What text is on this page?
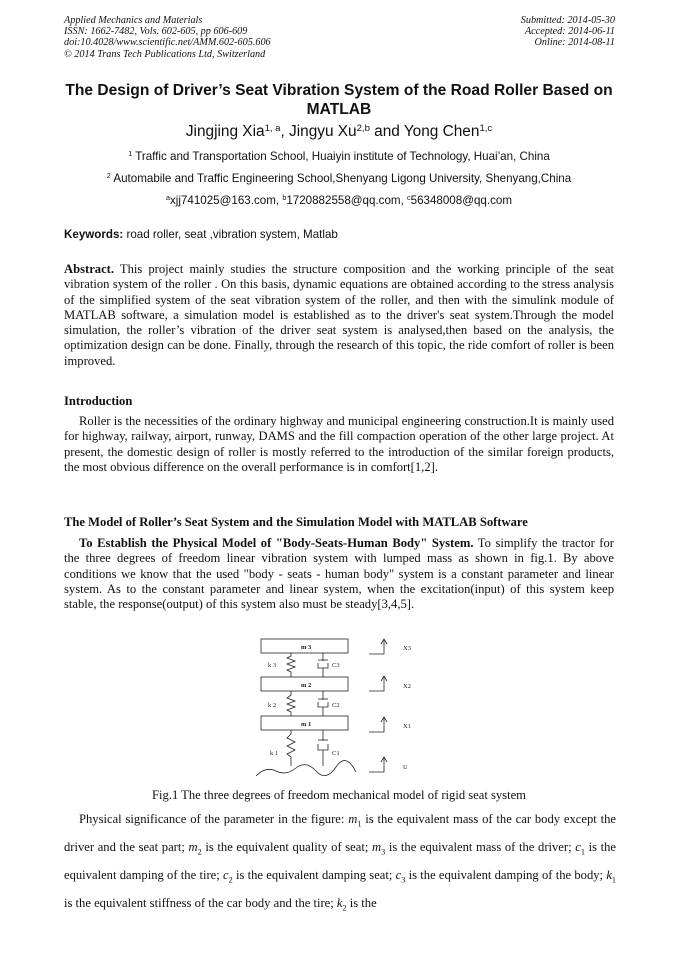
Applied Mechanics and Materials
ISSN: 1662-7482, Vols. 602-605, pp 606-609
doi:10.4028/www.scientific.net/AMM.602-605.606
© 2014 Trans Tech Publications Ltd, Switzerland
Submitted: 2014-05-30
Accepted: 2014-06-11
Online: 2014-08-11
The Design of Driver’s Seat Vibration System of the Road Roller Based on MATLAB
Jingjing Xia$^{1, a}$, Jingyu Xu$^{2,b}$ and Yong Chen$^{1,c}$
$^1$ Traffic and Transportation School, Huaiyin institute of Technology, Huai’an, China
$^2$ Automabile and Traffic Engineering School,Shenyang Ligong University, Shenyang,China
$^a$xjj741025@163.com, $^b$1720882558@qq.com, $^c$56348008@qq.com
Keywords: road roller, seat ,vibration system, Matlab

Abstract. This project mainly studies the structure composition and the working principle of the seat vibration system of the roller . On this basis, dynamic equations are obtained according to the stress analysis of the simplified system of the seat vibration system of the roller, and then with the simulink module of MATLAB software, a simulation model is established as to the driver's seat system.Through the model simulation, the roller’s vibration of the driver seat system is analysed,then based on the analysis, the optimization design can be done. Finally, through the research of this topic, the ride comfort of roller is been improved.

Introduction

Roller is the necessities of the ordinary highway and municipal engineering construction.It is mainly used for highway, railway, airport, runway, DAMS and the fill compaction operation of the other large project. At present, the domestic design of roller is mostly referred to the introduction of the similar foreign products, the most obvious difference on the overall performance is in comfort[1,2].

The Model of Roller’s Seat System and the Simulation Model with MATLAB Software

To Establish the Physical Model of "Body-Seats-Human Body" System. To simplify the tractor for the three degrees of freedom linear vibration system with lumped mass as shown in fig.1. By above conditions we know that the used "body - seats - human body" system is a constant parameter and linear system. As to the constant parameter and linear system, when the excitation(input) of this system keep stable, the response(output) of this system also must be steady[3,4,5].

m 3
m 2
m 1
k 3
k 2
k 1
C3
C2
C1
X3
X2
X1
U
Fig.1 The three degrees of freedom mechanical model of rigid seat system

Physical significance of the parameter in the figure: $m_1$ is the equivalent mass of the car body except the driver and the seat part; $m_2$ is the equivalent quality of seat; $m_3$ is the equivalent mass of the driver; $c_1$ is the equivalent damping of the tire; $c_2$ is the equivalent damping seat; $c_3$ is the equivalent damping of the body; $k_1$ is the equivalent stiffness of the car body and the tire; $k_2$ is the
